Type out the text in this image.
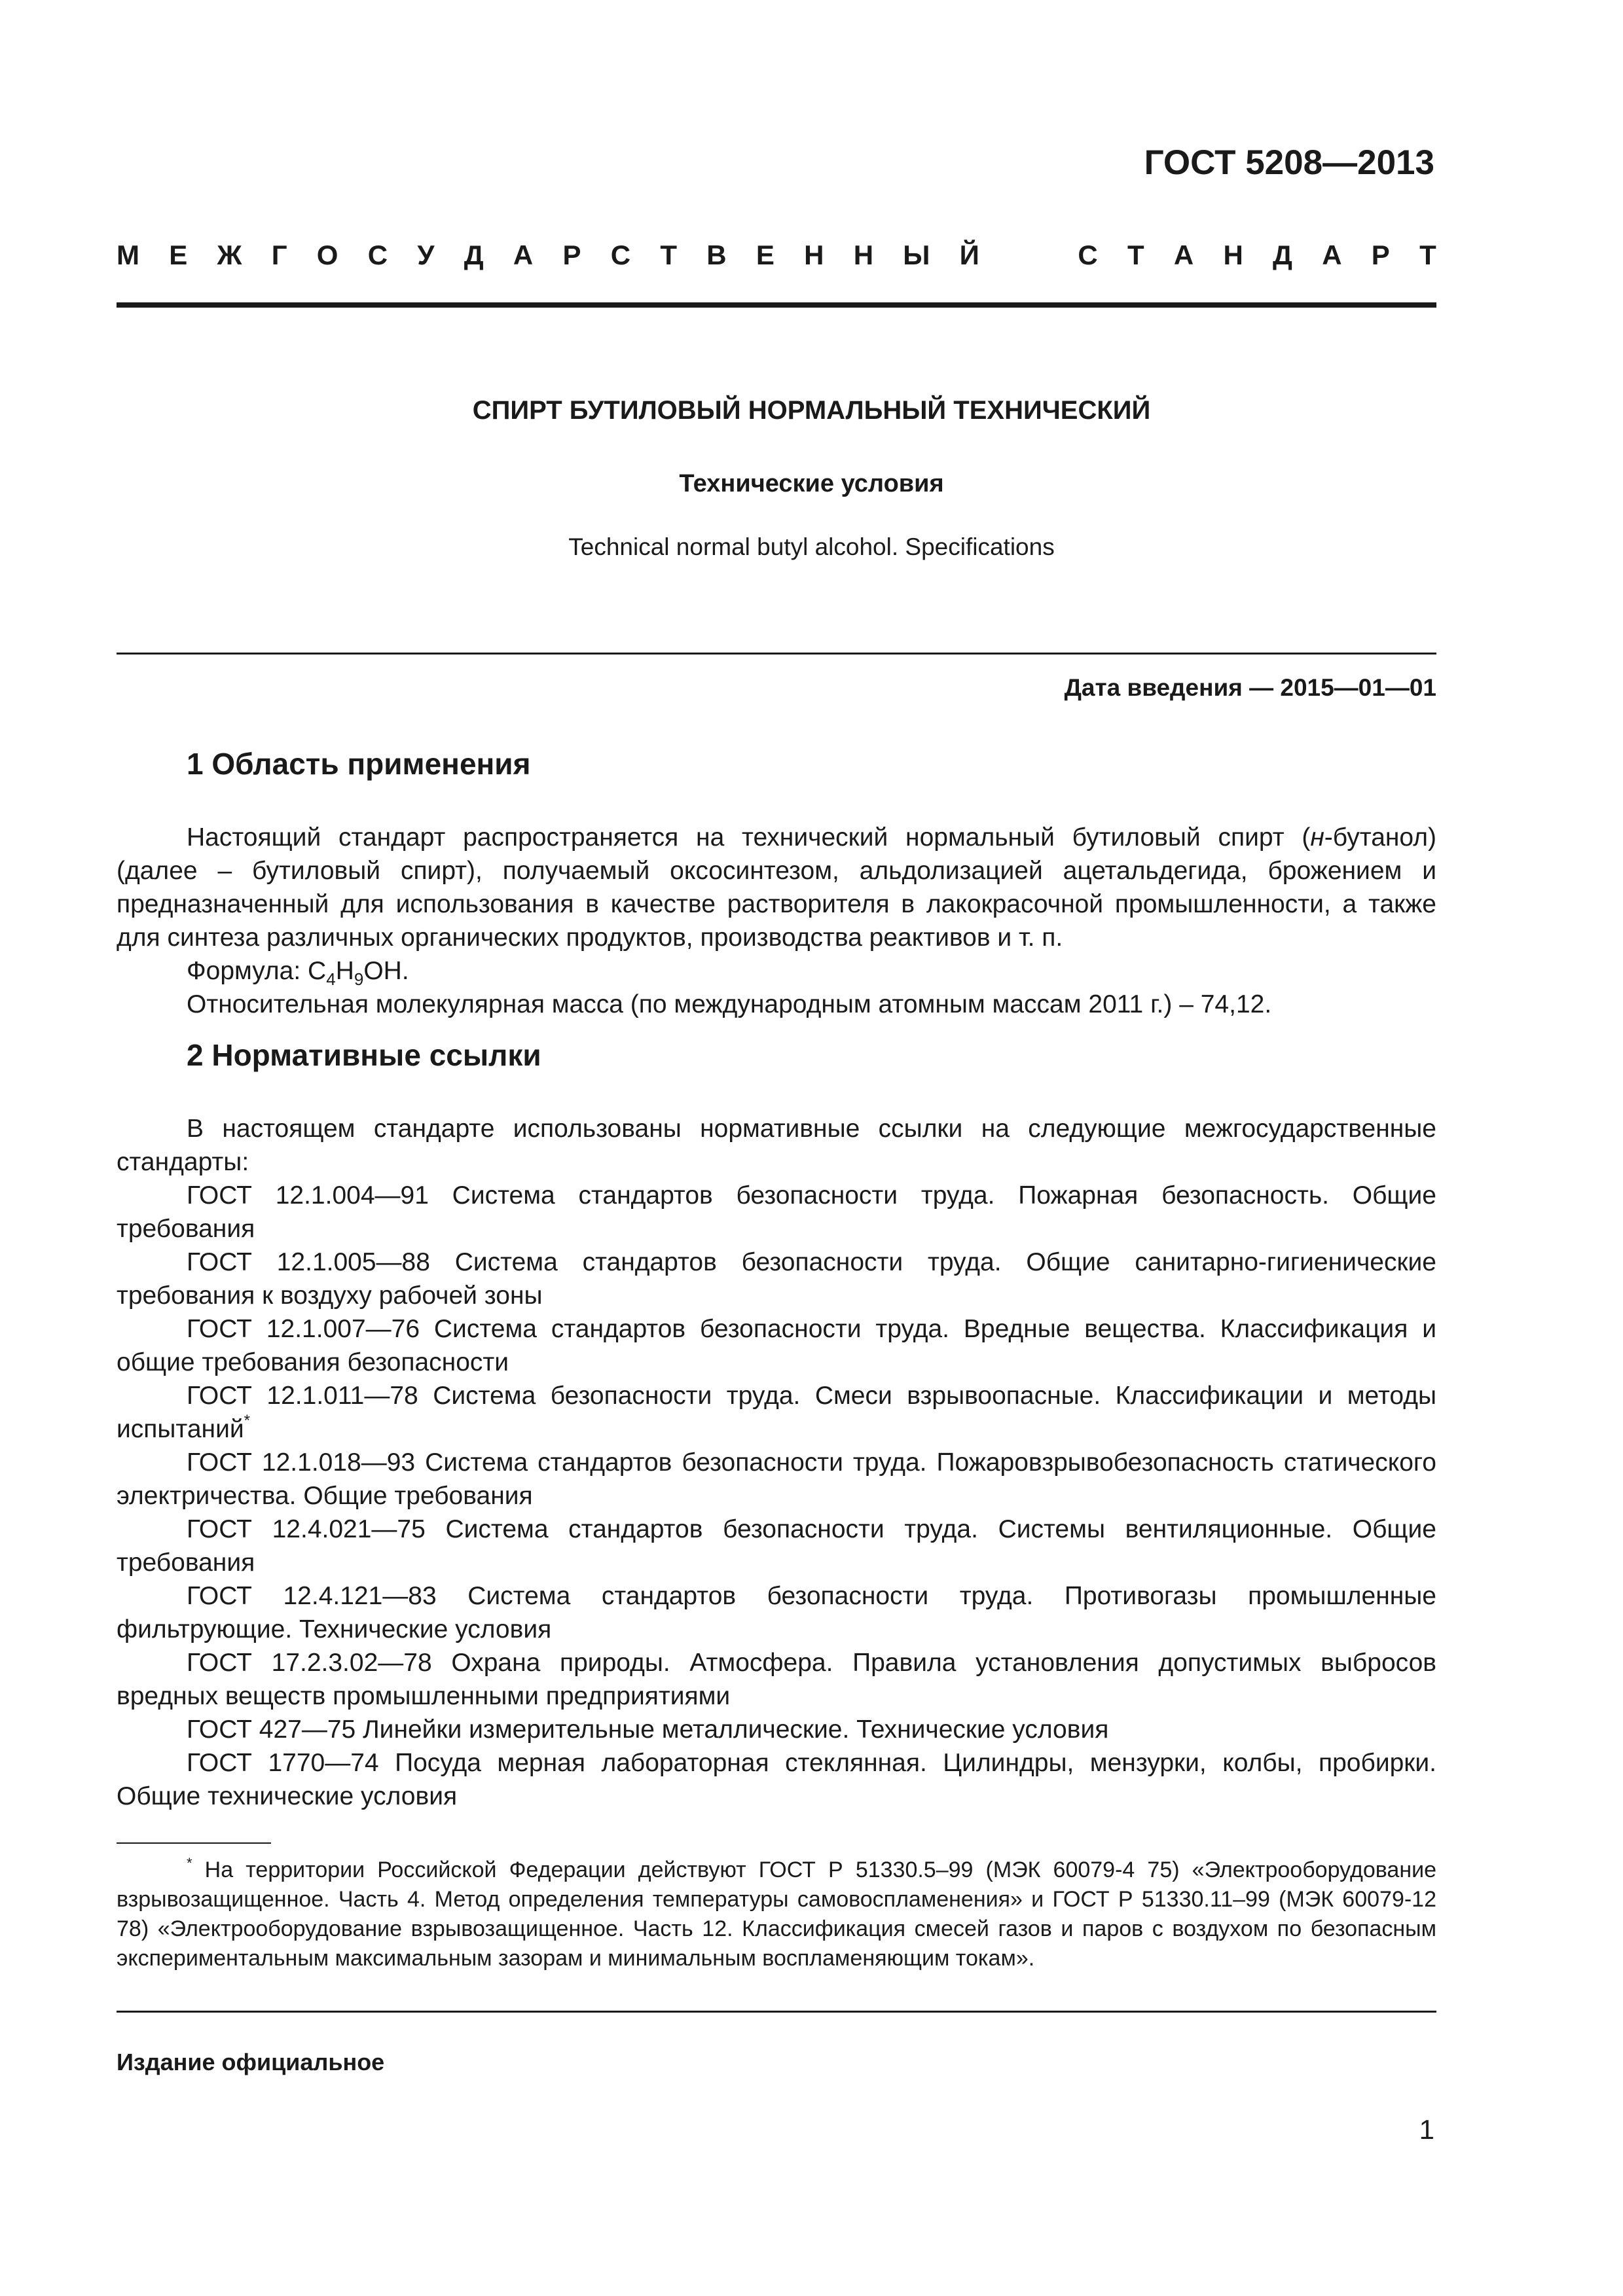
ГОСТ 5208—2013
М Е Ж Г О С У Д А Р С Т В Е Н Н Ы Й	С Т А Н Д А Р Т
СПИРТ БУТИЛОВЫЙ НОРМАЛЬНЫЙ ТЕХНИЧЕСКИЙ
Технические условия
Technical normal butyl alcohol. Specifications
Дата введения — 2015—01—01
1 Область применения

Настоящий стандарт распространяется на технический нормальный бутиловый спирт (н-бутанол) (далее – бутиловый спирт), получаемый оксосинтезом, альдолизацией ацетальдегида, брожением и предназначенный для использования в качестве растворителя в лакокрасочной промышленности, а также для синтеза различных органических продуктов, производства реактивов и т. п.

Формула: $C_4H_9OH$.

Относительная молекулярная масса (по международным атомным массам 2011 г.) – 74,12.

2 Нормативные ссылки

В настоящем стандарте использованы нормативные ссылки на следующие межгосударственные стандарты:

ГОСТ 12.1.004—91 Система стандартов безопасности труда. Пожарная безопасность. Общие требования

ГОСТ 12.1.005—88 Система стандартов безопасности труда. Общие санитарно-гигиенические требования к воздуху рабочей зоны

ГОСТ 12.1.007—76 Система стандартов безопасности труда. Вредные вещества. Классификация и общие требования безопасности

ГОСТ 12.1.011—78 Система безопасности труда. Смеси взрывоопасные. Классификации и методы испытаний*

ГОСТ 12.1.018—93 Система стандартов безопасности труда. Пожаровзрывобезопасность статического электричества. Общие требования

ГОСТ 12.4.021—75 Система стандартов безопасности труда. Системы вентиляционные. Общие требования

ГОСТ 12.4.121—83 Система стандартов безопасности труда. Противогазы промышленные фильтрующие. Технические условия

ГОСТ 17.2.3.02—78 Охрана природы. Атмосфера. Правила установления допустимых выбросов вредных веществ промышленными предприятиями

ГОСТ 427—75 Линейки измерительные металлические. Технические условия

ГОСТ 1770—74 Посуда мерная лабораторная стеклянная. Цилиндры, мензурки, колбы, пробирки. Общие технические условия

* На территории Российской Федерации действуют ГОСТ Р 51330.5–99 (МЭК 60079-4 75) «Электрооборудование взрывозащищенное. Часть 4. Метод определения температуры самовоспламенения» и ГОСТ Р 51330.11–99 (МЭК 60079-12 78) «Электрооборудование взрывозащищенное. Часть 12. Классификация смесей газов и паров с воздухом по безопасным экспериментальным максимальным зазорам и минимальным воспламеняющим токам».

Издание официальное
1
